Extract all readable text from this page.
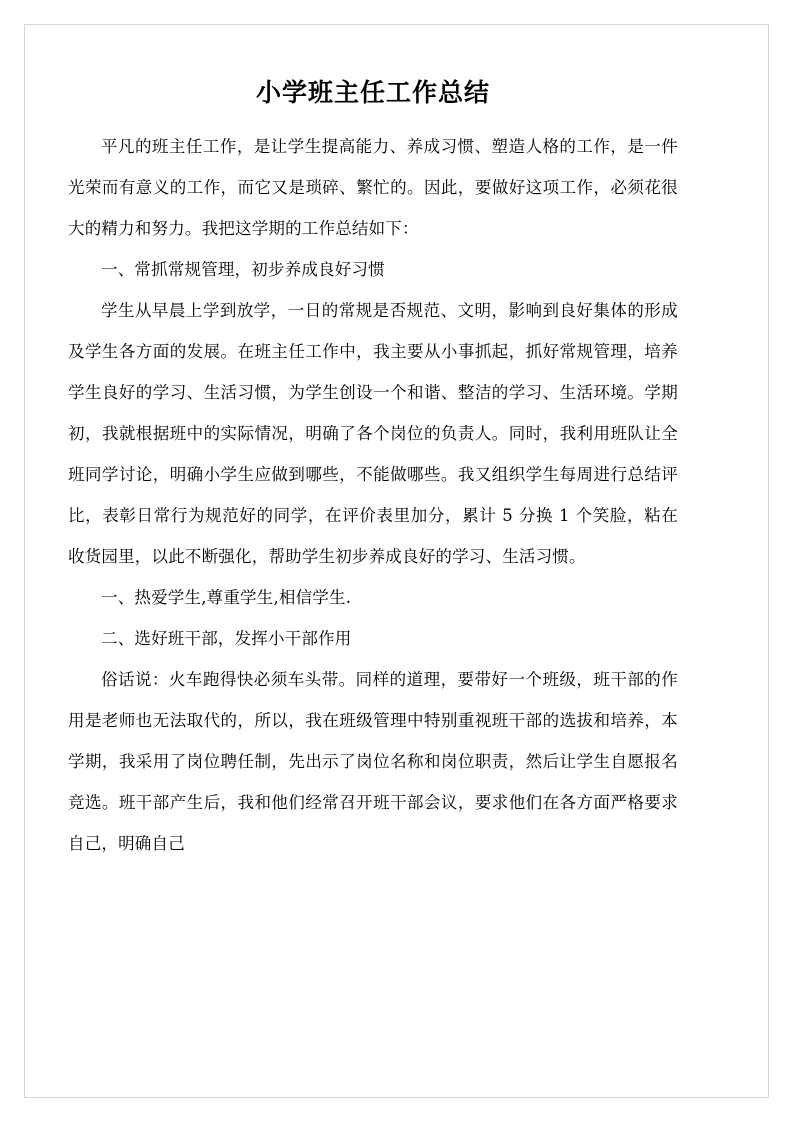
小学班主任工作总结

平凡的班主任工作，是让学生提高能力、养成习惯、塑造人格的工作，是一件光荣而有意义的工作，而它又是琐碎、繁忙的。因此，要做好这项工作，必须花很大的精力和努力。我把这学期的工作总结如下：

一、常抓常规管理，初步养成良好习惯

学生从早晨上学到放学，一日的常规是否规范、文明，影响到良好集体的形成及学生各方面的发展。在班主任工作中，我主要从小事抓起，抓好常规管理，培养学生良好的学习、生活习惯，为学生创设一个和谐、整洁的学习、生活环境。学期初，我就根据班中的实际情况，明确了各个岗位的负责人。同时，我利用班队让全班同学讨论，明确小学生应做到哪些，不能做哪些。我又组织学生每周进行总结评比，表彰日常行为规范好的同学，在评价表里加分，累计 5 分换 1 个笑脸，粘在收货园里，以此不断强化，帮助学生初步养成良好的学习、生活习惯。

一、热爱学生,尊重学生,相信学生.

二、选好班干部，发挥小干部作用

俗话说：火车跑得快必须车头带。同样的道理，要带好一个班级，班干部的作用是老师也无法取代的，所以，我在班级管理中特别重视班干部的选拔和培养，本学期，我采用了岗位聘任制，先出示了岗位名称和岗位职责，然后让学生自愿报名竞选。班干部产生后，我和他们经常召开班干部会议，要求他们在各方面严格要求自己，明确自己
